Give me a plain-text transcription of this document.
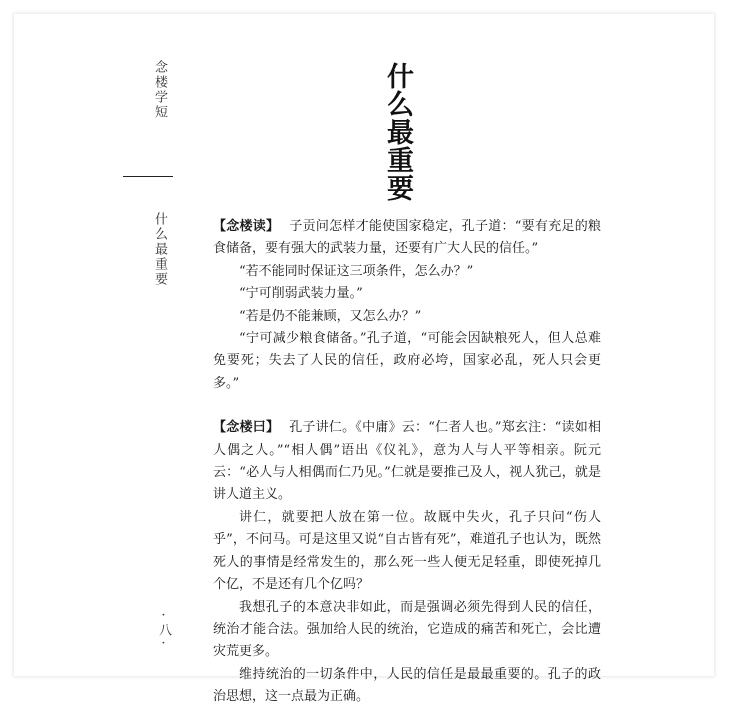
念楼学短
什么最重要
·八·
什么最重要

【念楼读】 子贡问怎样才能使国家稳定，孔子道：“要有充足的粮食储备，要有强大的武装力量，还要有广大人民的信任。”

“若不能同时保证这三项条件，怎么办？”

“宁可削弱武装力量。”

“若是仍不能兼顾，又怎么办？”

“宁可减少粮食储备。”孔子道，“可能会因缺粮死人，但人总难免要死；失去了人民的信任，政府必垮，国家必乱，死人只会更多。”

【念楼曰】 孔子讲仁。《中庸》云：“仁者人也。”郑玄注：“读如相人偶之人。”“相人偶”语出《仪礼》，意为人与人平等相亲。阮元云：“必人与人相偶而仁乃见。”仁就是要推己及人，视人犹己，就是讲人道主义。

讲仁，就要把人放在第一位。故厩中失火，孔子只问“伤人乎”，不问马。可是这里又说“自古皆有死”，难道孔子也认为，既然死人的事情是经常发生的，那么死一些人便无足轻重，即使死掉几个亿，不是还有几个亿吗？

我想孔子的本意决非如此，而是强调必须先得到人民的信任，统治才能合法。强加给人民的统治，它造成的痛苦和死亡，会比遭灾荒更多。

维持统治的一切条件中，人民的信任是最最重要的。孔子的政治思想，这一点最为正确。
